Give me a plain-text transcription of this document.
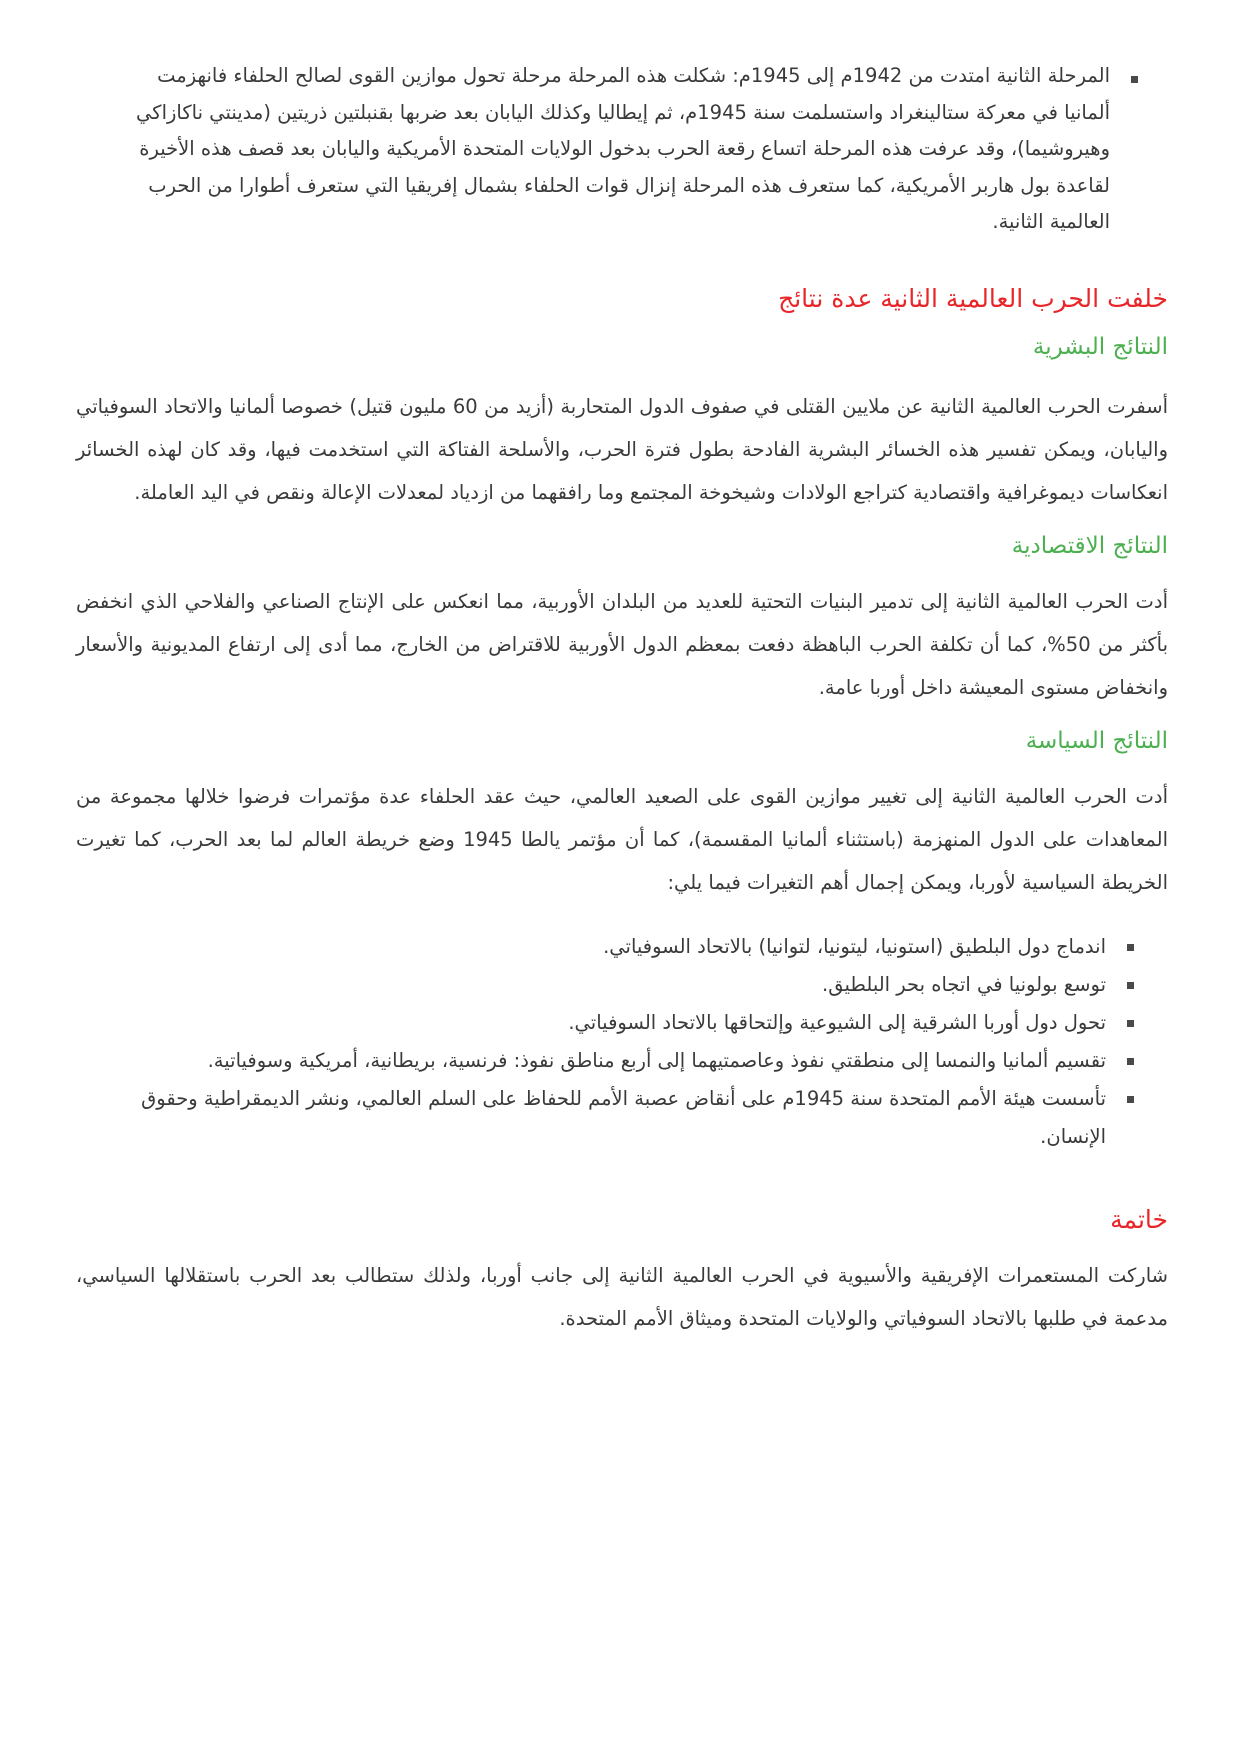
المرحلة الثانية امتدت من 1942م إلى 1945م: شكلت هذه المرحلة مرحلة تحول موازين القوى لصالح الحلفاء فانهزمت ألمانيا في معركة ستالينغراد واستسلمت سنة 1945م، ثم إيطاليا وكذلك اليابان بعد ضربها بقنبلتين ذريتين (مدينتي ناكازاكي وهيروشيما)، وقد عرفت هذه المرحلة اتساع رقعة الحرب بدخول الولايات المتحدة الأمريكية واليابان بعد قصف هذه الأخيرة لقاعدة بول هاربر الأمريكية، كما ستعرف هذه المرحلة إنزال قوات الحلفاء بشمال إفريقيا التي ستعرف أطوارا من الحرب العالمية الثانية.
خلفت الحرب العالمية الثانية عدة نتائج
النتائج البشرية

أسفرت الحرب العالمية الثانية عن ملايين القتلى في صفوف الدول المتحاربة (أزيد من 60 مليون قتيل) خصوصا ألمانيا والاتحاد السوفياتي واليابان، ويمكن تفسير هذه الخسائر البشرية الفادحة بطول فترة الحرب، والأسلحة الفتاكة التي استخدمت فيها، وقد كان لهذه الخسائر انعكاسات ديموغرافية واقتصادية كتراجع الولادات وشيخوخة المجتمع وما رافقهما من ازدياد لمعدلات الإعالة ونقص في اليد العاملة.

النتائج الاقتصادية

أدت الحرب العالمية الثانية إلى تدمير البنيات التحتية للعديد من البلدان الأوربية، مما انعكس على الإنتاج الصناعي والفلاحي الذي انخفض بأكثر من 50%، كما أن تكلفة الحرب الباهظة دفعت بمعظم الدول الأوربية للاقتراض من الخارج، مما أدى إلى ارتفاع المديونية والأسعار وانخفاض مستوى المعيشة داخل أوربا عامة.

النتائج السياسة

أدت الحرب العالمية الثانية إلى تغيير موازين القوى على الصعيد العالمي، حيث عقد الحلفاء عدة مؤتمرات فرضوا خلالها مجموعة من المعاهدات على الدول المنهزمة (باستثناء ألمانيا المقسمة)، كما أن مؤتمر يالطا 1945 وضع خريطة العالم لما بعد الحرب، كما تغيرت الخريطة السياسية لأوربا، ويمكن إجمال أهم التغيرات فيما يلي:

اندماج دول البلطيق (استونيا، ليتونيا، لتوانيا) بالاتحاد السوفياتي.
توسع بولونيا في اتجاه بحر البلطيق.
تحول دول أوربا الشرقية إلى الشيوعية وإلتحاقها بالاتحاد السوفياتي.
تقسيم ألمانيا والنمسا إلى منطقتي نفوذ وعاصمتيهما إلى أربع مناطق نفوذ: فرنسية، بريطانية، أمريكية وسوفياتية.
تأسست هيئة الأمم المتحدة سنة 1945م على أنقاض عصبة الأمم للحفاظ على السلم العالمي، ونشر الديمقراطية وحقوق الإنسان.
خاتمة

شاركت المستعمرات الإفريقية والأسيوية في الحرب العالمية الثانية إلى جانب أوربا، ولذلك ستطالب بعد الحرب باستقلالها السياسي، مدعمة في طلبها بالاتحاد السوفياتي والولايات المتحدة وميثاق الأمم المتحدة.
